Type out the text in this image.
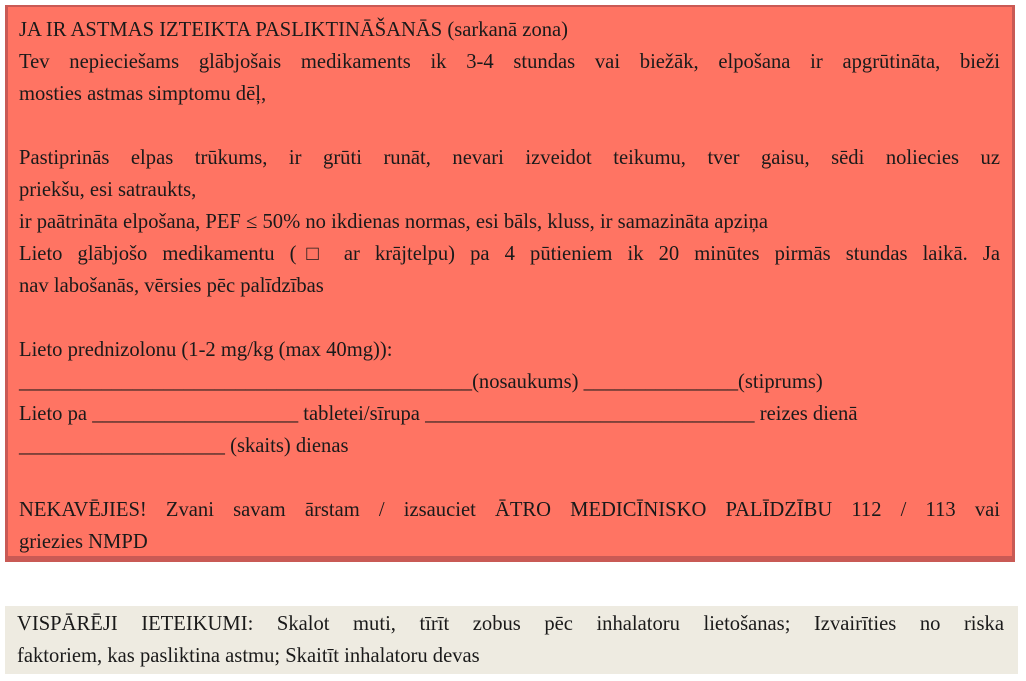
JA IR ASTMAS IZTEIKTA PASLIKTINĀŠANĀS (sarkanā zona)
Tev nepieciešams glābjošais medikaments ik 3-4 stundas vai biežāk, elpošana ir apgrūtināta, bieži
mosties astmas simptomu dēļ,
Pastiprinās elpas trūkums, ir grūti runāt, nevari izveidot teikumu, tver gaisu, sēdi noliecies uz
priekšu, esi satraukts,
ir paātrināta elpošana, PEF ≤ 50% no ikdienas normas, esi bāls, kluss, ir samazināta apziņa
Lieto glābjošo medikamentu (□ ar krājtelpu) pa 4 pūtieniem ik 20 minūtes pirmās stundas laikā. Ja
nav labošanās, vērsies pēc palīdzības
Lieto prednizolonu (1-2 mg/kg (max 40mg)):
____________________________________________(nosaukums) _______________(stiprums)
Lieto pa ____________________ tabletei/sīrupa ________________________________ reizes dienā
____________________ (skaits) dienas
NEKAVĒJIES! Zvani savam ārstam / izsauciet ĀTRO MEDICĪNISKO PALĪDZĪBU 112 / 113 vai
griezies NMPD
VISPĀRĒJI IETEIKUMI: Skalot muti, tīrīt zobus pēc inhalatoru lietošanas; Izvairīties no riska
faktoriem, kas pasliktina astmu; Skaitīt inhalatoru devas
